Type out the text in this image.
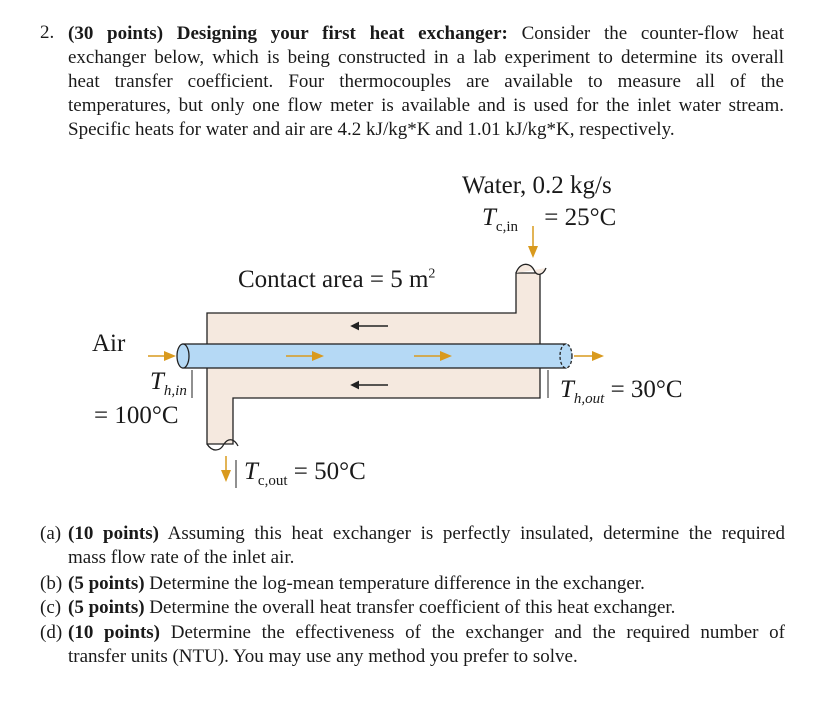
2. (30 points) Designing your first heat exchanger: Consider the counter-flow heat
exchanger below, which is being constructed in a lab experiment to determine its overall
heat transfer coefficient. Four thermocouples are available to measure all of the
temperatures, but only one flow meter is available and is used for the inlet water stream.
Specific heats for water and air are 4.2 kJ/kg*K and 1.01 kJ/kg*K, respectively.
Water, 0.2 kg/s
$T_{c,in} = 25^\circ C$
Contact area = 5 $m^2$
Air
$T_{h,in}$
= 100°C
$T_{h,out} = 30^\circ C$
$T_{c,out} = 50^\circ C$
(a) (10 points) Assuming this heat exchanger is perfectly insulated, determine the required
mass flow rate of the inlet air.
(b) (5 points) Determine the log-mean temperature difference in the exchanger.
(c) (5 points) Determine the overall heat transfer coefficient of this heat exchanger.
(d) (10 points) Determine the effectiveness of the exchanger and the required number of
transfer units (NTU). You may use any method you prefer to solve.
